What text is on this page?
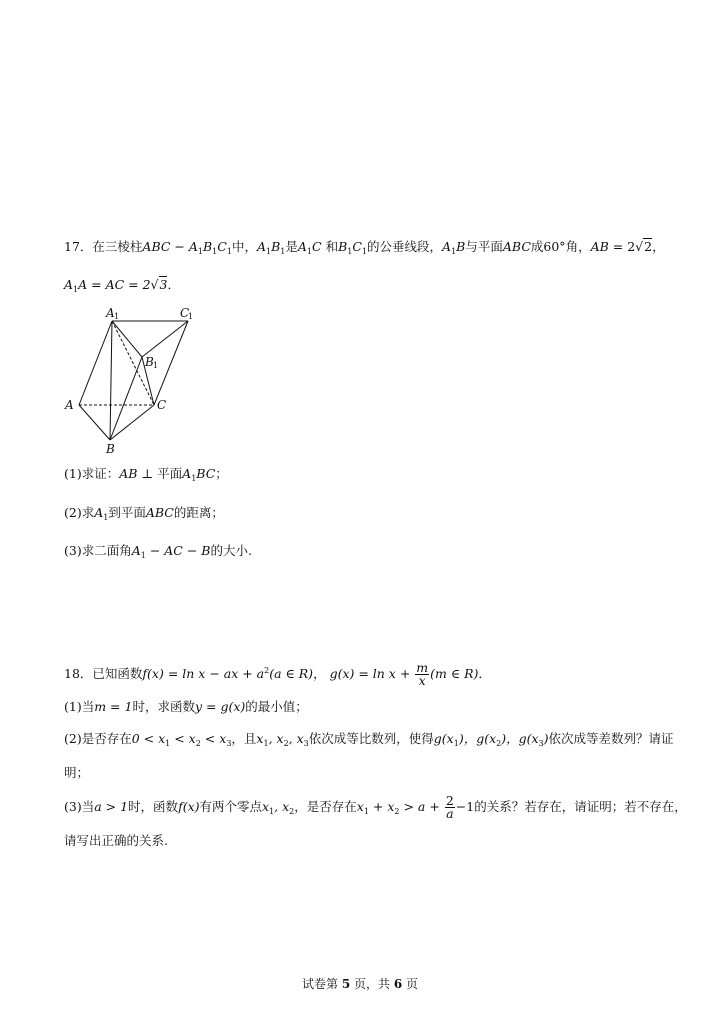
17．在三棱柱ABC − $A_1B_1C_1$中，$A_1B_1$是$A_1C$ 和$B_1C_1$的公垂线段，$A_1B$与平面ABC成60°角，AB = 2√2，
$A_1A$ = AC = 2√3．
A 1	C
1
B 1
A	C
B
(1)求证：AB ⊥ 平面$A_1BC$；
(2)求$A_1$到平面ABC的距离；
(3)求二面角$A_1$ − AC − B的大小.
18．已知函数f(x) = ln x − ax + $a^2(a$ ∈ R)， $g(x) = \ln x + \frac{m}{x} (m$ ∈ R)．
(1)当m = 1时，求函数y = g(x)的最小值；
(2)是否存在$0 < x_1 < x_2 < x_3$，且$x_1$, $x_2$, $x_3$依次成等比数列，使得$g(x_1)$，$g(x_2)$，$g(x_3)$依次成等差数列？请证
明；
(3)当a > 1时，函数f(x)有两个零点$x_1$, $x_2$，是否存在$x_1 + x_2 > a + \frac{2}{a} -1$的关系？若存在，请证明；若不存在，
请写出正确的关系.
试卷第 5 页，共 6 页
